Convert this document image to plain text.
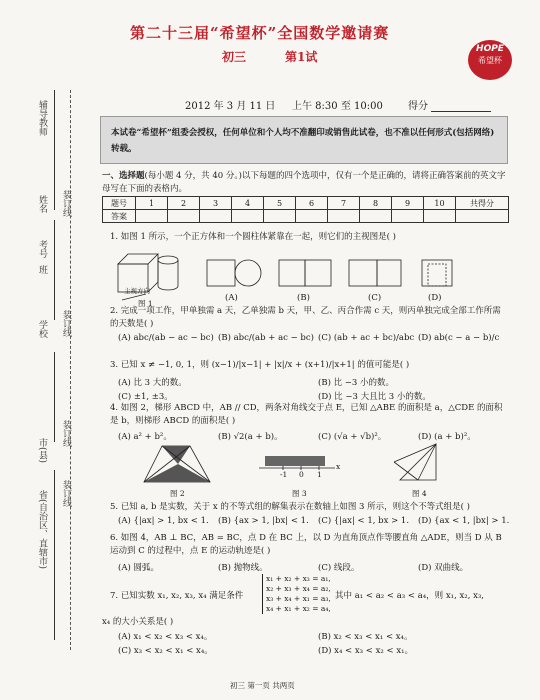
辅导教师
姓名
考号
班
学校
市(县)
省(自治区、直辖市)
装订线
装订线
装订线
装订线
第二十三届“希望杯”全国数学邀请赛
HOPE
希望杯
初三	第1试
2012 年 3 月 11 日 上午 8:30 至 10:00	得分
本试卷“希望杯”组委会授权，任何单位和个人均不准翻印或销售此试卷，也不准以任何形式(包括网络)转载。
一、选择题(每小题 4 分，共 40 分。)以下每题的四个选项中，仅有一个是正确的，请将正确答案前的英文字母写在下面的表格内。
题号	1	2	3	4	5	6	7	8	9	10	共得分
答案											
1. 如图 1 所示，一个正方体和一个圆柱体紧靠在一起，则它们的主视图是( )
主视方向
图 1
(A)	(B)	(C)	(D)
2. 完成一项工作，甲单独需 a 天，乙单独需 b 天，甲、乙、丙合作需 c 天，则丙单独完成全部工作所需的天数是( )
(A) abc/(ab − ac − bc) (B) abc/(ab + ac − bc) (C) (ab + ac + bc)/abc (D) ab(c − a − b)/c
3. 已知 x ≠ −1, 0, 1，则 (x−1)/|x−1| + |x|/x + (x+1)/|x+1| 的值可能是( )
(A) 比 3 大的数。	(B) 比 −3 小的数。
(C) ±1, ±3。	(D) 比 −3 大且比 3 小的数。
4. 如图 2，梯形 ABCD 中，AB // CD，两条对角线交于点 E，已知 △ABE 的面积是 a，△CDE 的面积是 b，则梯形 ABCD 的面积是( )
(A) a² + b²。	(B) √2(a + b)。	(C) (√a + √b)²。	(D) (a + b)²。
图 2
-1 0 1
x
图 3	图 4
5. 已知 a, b 是实数，关于 x 的不等式组的解集表示在数轴上如图 3 所示，则这个不等式组是( )
(A) {|ax| > 1, bx < 1. (B) {ax > 1, |bx| < 1. (C) {|ax| < 1, bx > 1. (D) {ax < 1, |bx| > 1.
6. 如图 4，AB ⊥ BC，AB = BC，点 D 在 BC 上，以 D 为直角顶点作等腰直角 △ADE，则当 D 从 B 运动到 C 的过程中，点 E 的运动轨迹是( )
(A) 圆弧。	(B) 抛物线。	(C) 线段。	(D) 双曲线。
7. 已知实数 x₁, x₂, x₃, x₄ 满足条件
x₁ + x₂ + x₃ = a₁,
x₂ + x₃ + x₄ = a₂,
x₃ + x₄ + x₁ = a₃,
x₄ + x₁ + x₂ = a₄,
其中 a₁ < a₂ < a₃ < a₄，则 x₁, x₂, x₃,
x₄ 的大小关系是( )
(A) x₁ < x₂ < x₃ < x₄。	(B) x₂ < x₃ < x₁ < x₄。
(C) x₃ < x₂ < x₁ < x₄。	(D) x₄ < x₃ < x₂ < x₁。
初三 第一页 共两页
